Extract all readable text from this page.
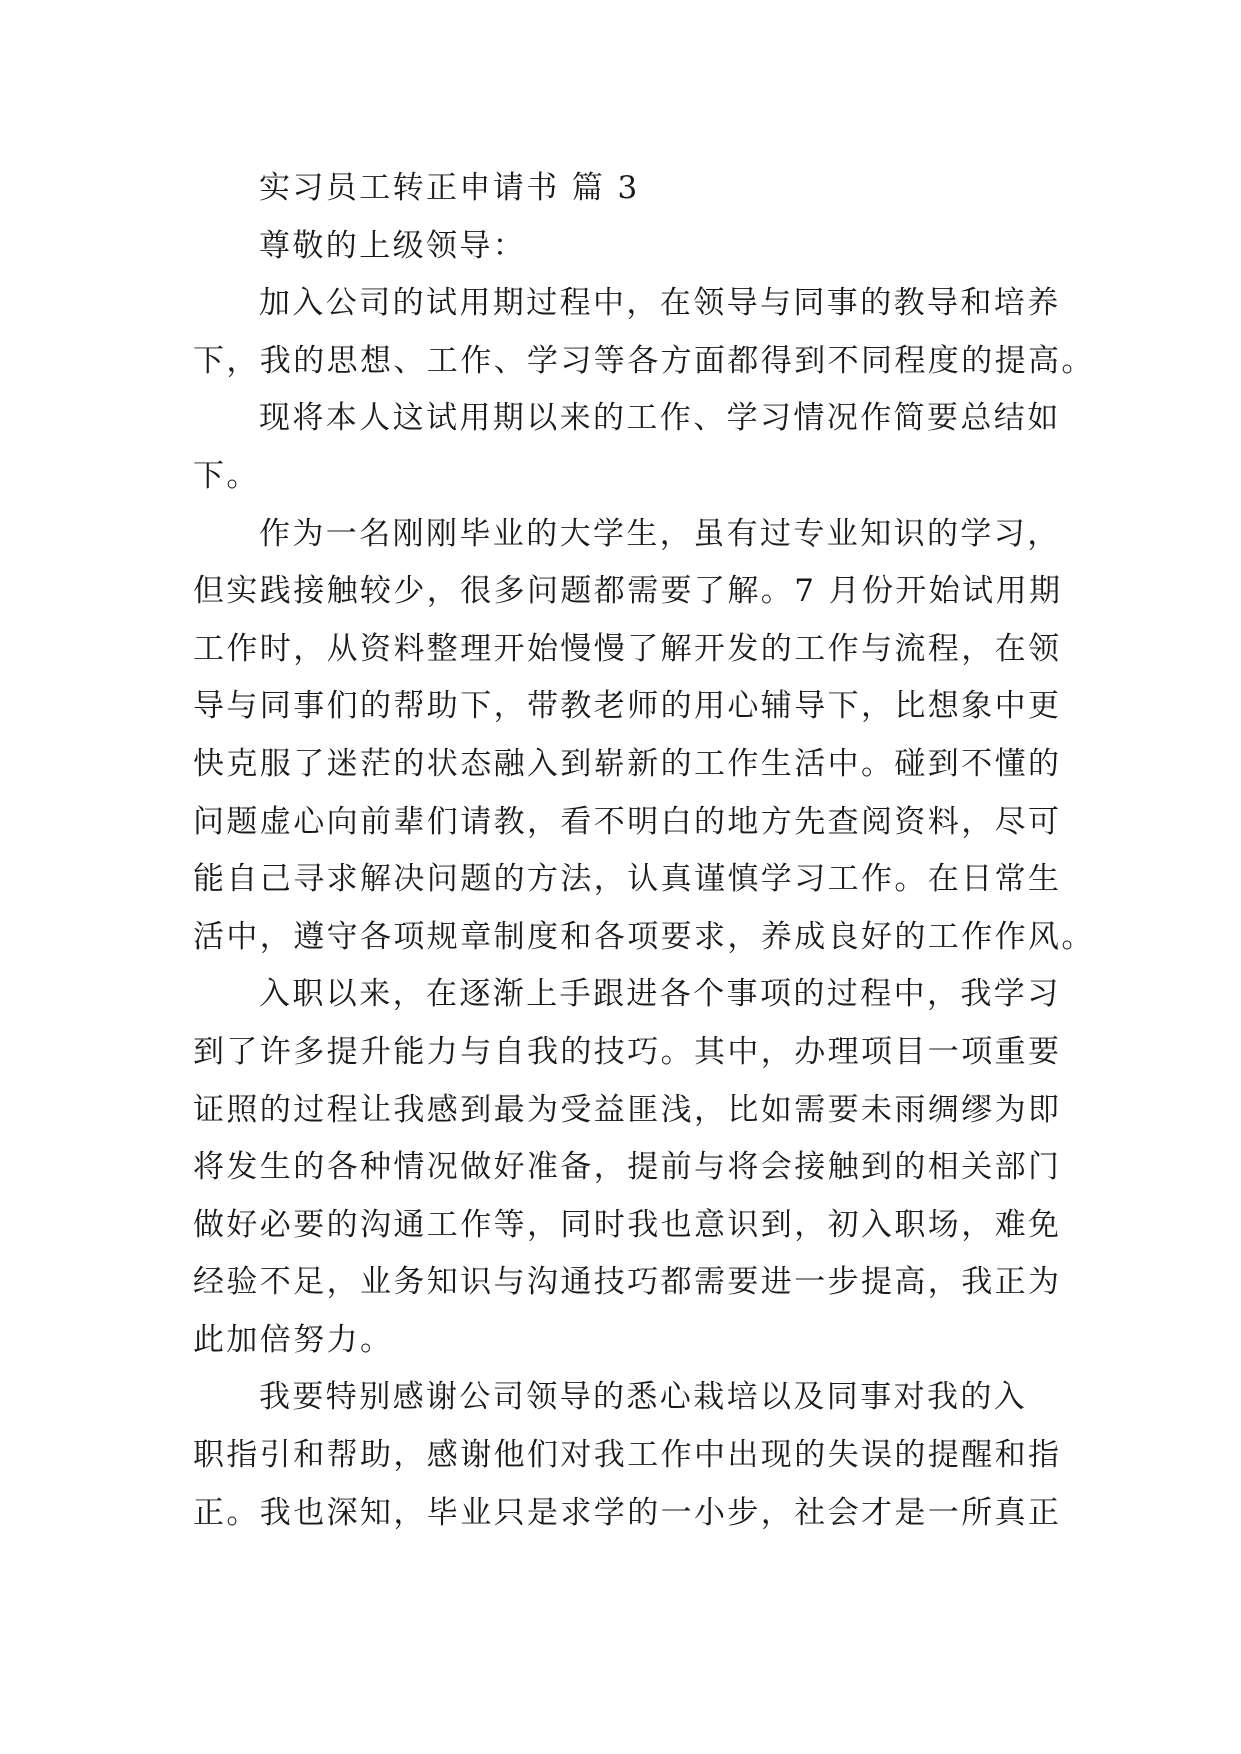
实习员工转正申请书 篇 3
尊敬的上级领导：
加入公司的试用期过程中，在领导与同事的教导和培养
下，我的思想、工作、学习等各方面都得到不同程度的提高。
现将本人这试用期以来的工作、学习情况作简要总结如
下。
作为一名刚刚毕业的大学生，虽有过专业知识的学习，
但实践接触较少，很多问题都需要了解。7 月份开始试用期
工作时，从资料整理开始慢慢了解开发的工作与流程，在领
导与同事们的帮助下，带教老师的用心辅导下，比想象中更
快克服了迷茫的状态融入到崭新的工作生活中。碰到不懂的
问题虚心向前辈们请教，看不明白的地方先查阅资料，尽可
能自己寻求解决问题的方法，认真谨慎学习工作。在日常生
活中，遵守各项规章制度和各项要求，养成良好的工作作风。
入职以来，在逐渐上手跟进各个事项的过程中，我学习
到了许多提升能力与自我的技巧。其中，办理项目一项重要
证照的过程让我感到最为受益匪浅，比如需要未雨绸缪为即
将发生的各种情况做好准备，提前与将会接触到的相关部门
做好必要的沟通工作等，同时我也意识到，初入职场，难免
经验不足，业务知识与沟通技巧都需要进一步提高，我正为
此加倍努力。
我要特别感谢公司领导的悉心栽培以及同事对我的入
职指引和帮助，感谢他们对我工作中出现的失误的提醒和指
正。我也深知，毕业只是求学的一小步，社会才是一所真正
